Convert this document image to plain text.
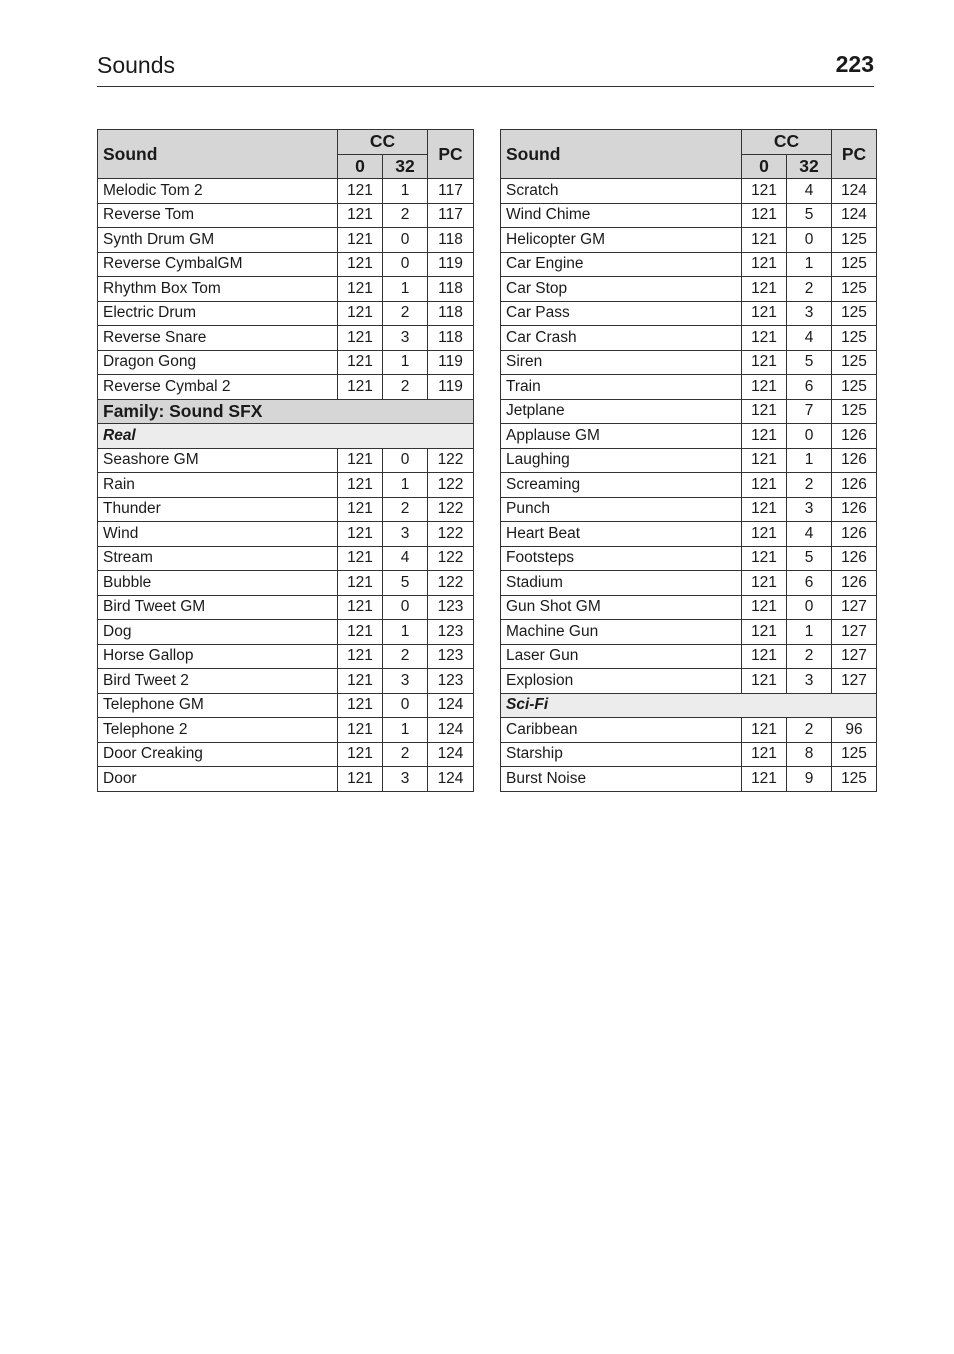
Sounds	223
Sound	CC		PC
	0	32	
Melodic Tom 2	121	1	117
Reverse Tom	121	2	117
Synth Drum GM	121	0	118
Reverse CymbalGM	121	0	119
Rhythm Box Tom	121	1	118
Electric Drum	121	2	118
Reverse Snare	121	3	118
Dragon Gong	121	1	119
Reverse Cymbal 2	121	2	119
Family: Sound SFX			
Real			
Seashore GM	121	0	122
Rain	121	1	122
Thunder	121	2	122
Wind	121	3	122
Stream	121	4	122
Bubble	121	5	122
Bird Tweet GM	121	0	123
Dog	121	1	123
Horse Gallop	121	2	123
Bird Tweet 2	121	3	123
Telephone GM	121	0	124
Telephone 2	121	1	124
Door Creaking	121	2	124
Door	121	3	124
Sound	CC		PC
	0	32	
Scratch	121	4	124
Wind Chime	121	5	124
Helicopter GM	121	0	125
Car Engine	121	1	125
Car Stop	121	2	125
Car Pass	121	3	125
Car Crash	121	4	125
Siren	121	5	125
Train	121	6	125
Jetplane	121	7	125
Applause GM	121	0	126
Laughing	121	1	126
Screaming	121	2	126
Punch	121	3	126
Heart Beat	121	4	126
Footsteps	121	5	126
Stadium	121	6	126
Gun Shot GM	121	0	127
Machine Gun	121	1	127
Laser Gun	121	2	127
Explosion	121	3	127
Sci-Fi			
Caribbean	121	2	96
Starship	121	8	125
Burst Noise	121	9	125
